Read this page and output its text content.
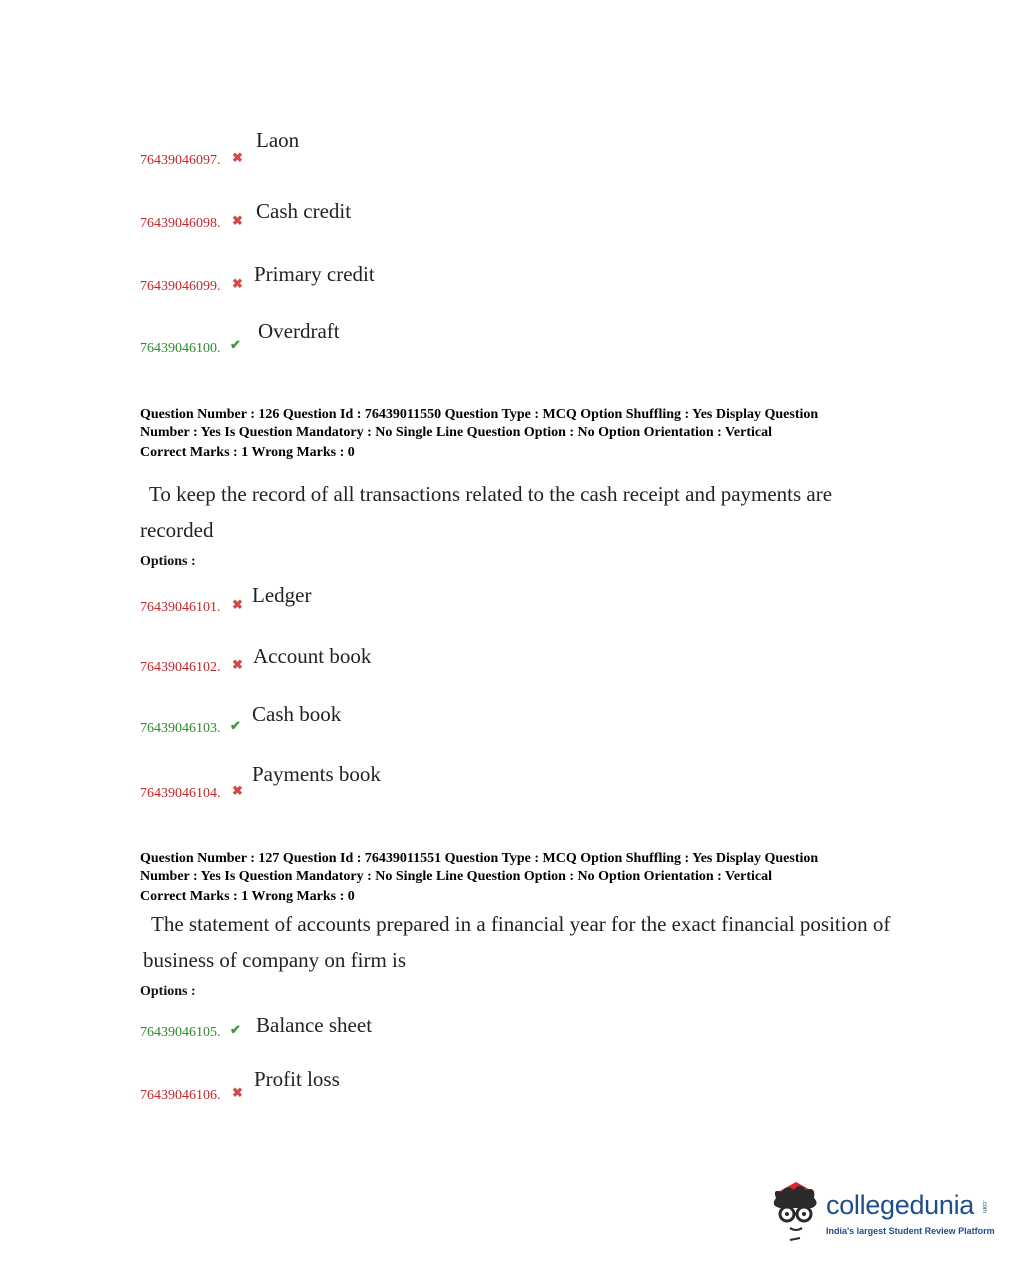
76439046097. ✖
Laon
76439046098. ✖ Cash credit
76439046099. ✖ Primary credit
76439046100. ✔
Overdraft
Question Number : 126 Question Id : 76439011550 Question Type : MCQ Option Shuffling : Yes Display Question
Number : Yes Is Question Mandatory : No Single Line Question Option : No Option Orientation : Vertical
Correct Marks : 1 Wrong Marks : 0
To keep the record of all transactions related to the cash receipt and payments are
recorded
Options :
76439046101. ✖ Ledger
76439046102. ✖ Account book
76439046103. ✔ Cash book
76439046104. ✖
Payments book
Question Number : 127 Question Id : 76439011551 Question Type : MCQ Option Shuffling : Yes Display Question
Number : Yes Is Question Mandatory : No Single Line Question Option : No Option Orientation : Vertical
Correct Marks : 1 Wrong Marks : 0
The statement of accounts prepared in a financial year for the exact financial position of
business of company on firm is
Options :
76439046105. ✔ Balance sheet
76439046106. ✖
Profit loss
collegedunia .com
India's largest Student Review Platform
